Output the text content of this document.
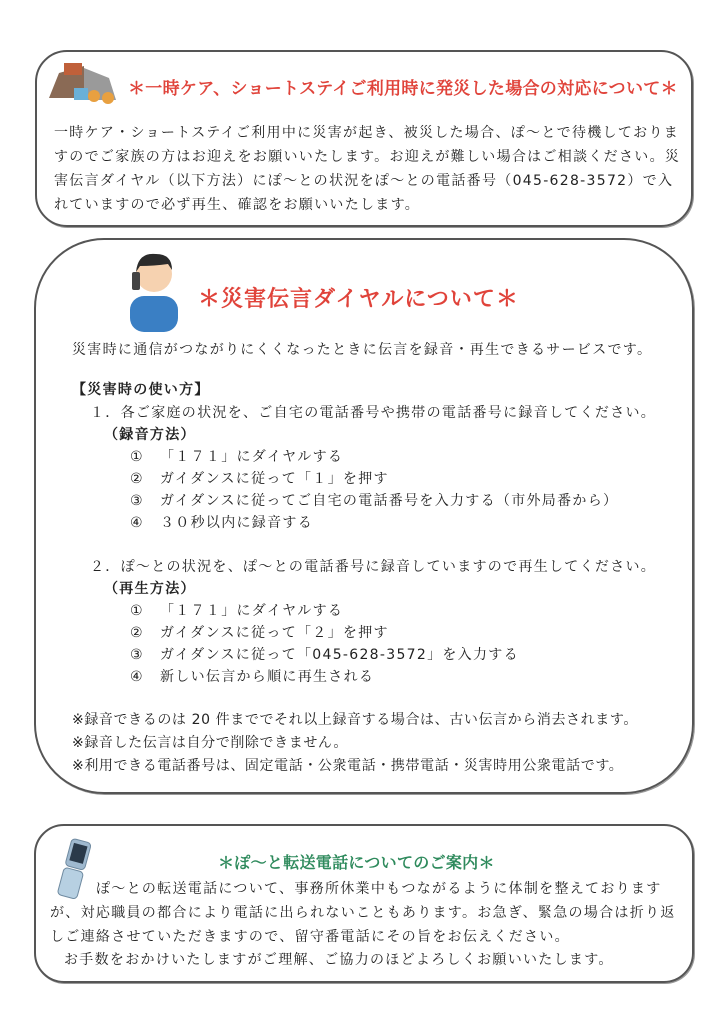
＊一時ケア、ショートステイご利用時に発災した場合の対応について＊
一時ケア・ショートステイご利用中に災害が起き、被災した場合、ぽ～とで待機しておりま
すのでご家族の方はお迎えをお願いいたします。お迎えが難しい場合はご相談ください。災
害伝言ダイヤル（以下方法）にぽ～との状況をぽ～との電話番号（045-628-3572）で入
れていますので必ず再生、確認をお願いいたします。
＊災害伝言ダイヤルについて＊
災害時に通信がつながりにくくなったときに伝言を録音・再生できるサービスです。
【災害時の使い方】
１．各ご家庭の状況を、ご自宅の電話番号や携帯の電話番号に録音してください。
（録音方法）
① 「１７１」にダイヤルする
② ガイダンスに従って「１」を押す
③ ガイダンスに従ってご自宅の電話番号を入力する（市外局番から）
④ ３０秒以内に録音する
２．ぽ～との状況を、ぽ～との電話番号に録音していますので再生してください。
（再生方法）
① 「１７１」にダイヤルする
② ガイダンスに従って「２」を押す
③ ガイダンスに従って「045-628-3572」を入力する
④ 新しい伝言から順に再生される
※録音できるのは 20 件まででそれ以上録音する場合は、古い伝言から消去されます。
※録音した伝言は自分で削除できません。
※利用できる電話番号は、固定電話・公衆電話・携帯電話・災害時用公衆電話です。
＊ぽ～と転送電話についてのご案内＊
ぽ～との転送電話について、事務所休業中もつながるように体制を整えております
が、対応職員の都合により電話に出られないこともあります。お急ぎ、緊急の場合は折り返
しご連絡させていただきますので、留守番電話にその旨をお伝えください。
お手数をおかけいたしますがご理解、ご協力のほどよろしくお願いいたします。
